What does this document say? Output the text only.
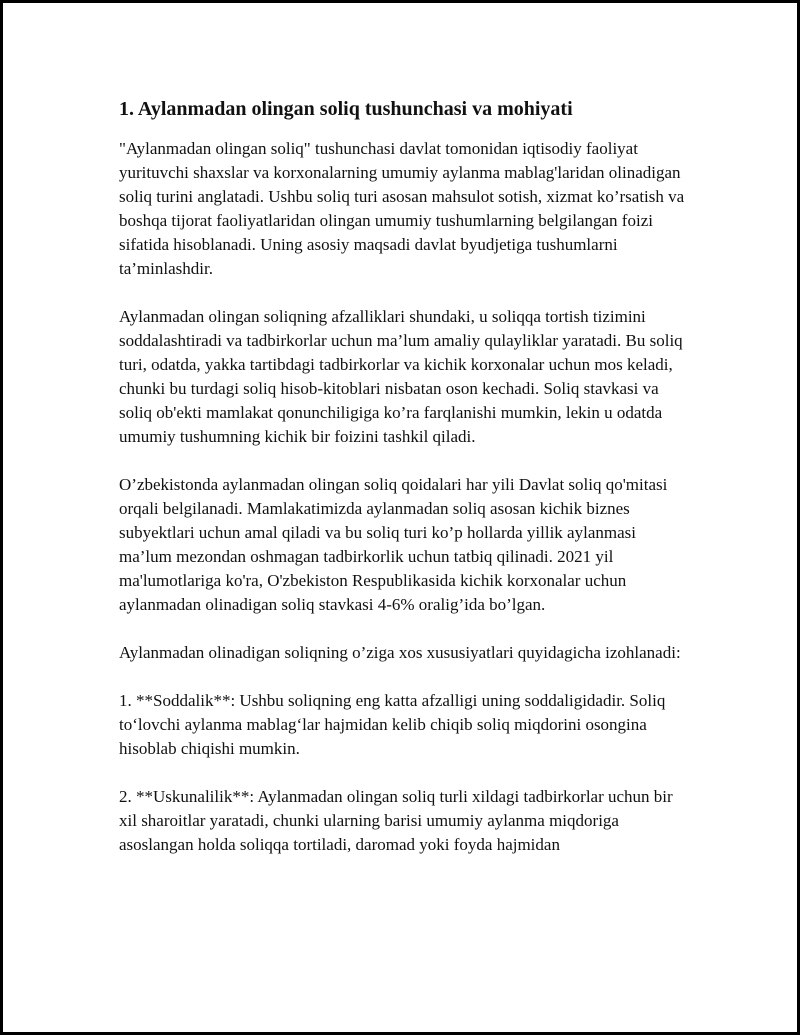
1. Aylanmadan olingan soliq tushunchasi va mohiyati

"Aylanmadan olingan soliq" tushunchasi davlat tomonidan iqtisodiy faoliyat yurituvchi shaxslar va korxonalarning umumiy aylanma mablag'laridan olinadigan soliq turini anglatadi. Ushbu soliq turi asosan mahsulot sotish, xizmat ko’rsatish va boshqa tijorat faoliyatlaridan olingan umumiy tushumlarning belgilangan foizi sifatida hisoblanadi. Uning asosiy maqsadi davlat byudjetiga tushumlarni ta’minlashdir.

Aylanmadan olingan soliqning afzalliklari shundaki, u soliqqa tortish tizimini soddalashtiradi va tadbirkorlar uchun ma’lum amaliy qulayliklar yaratadi. Bu soliq turi, odatda, yakka tartibdagi tadbirkorlar va kichik korxonalar uchun mos keladi, chunki bu turdagi soliq hisob-kitoblari nisbatan oson kechadi. Soliq stavkasi va soliq ob'ekti mamlakat qonunchiligiga ko’ra farqlanishi mumkin, lekin u odatda umumiy tushumning kichik bir foizini tashkil qiladi.

O’zbekistonda aylanmadan olingan soliq qoidalari har yili Davlat soliq qo'mitasi orqali belgilanadi. Mamlakatimizda aylanmadan soliq asosan kichik biznes subyektlari uchun amal qiladi va bu soliq turi ko’p hollarda yillik aylanmasi ma’lum mezondan oshmagan tadbirkorlik uchun tatbiq qilinadi. 2021 yil ma'lumotlariga ko'ra, O'zbekiston Respublikasida kichik korxonalar uchun aylanmadan olinadigan soliq stavkasi 4-6% oralig’ida bo’lgan.

Aylanmadan olinadigan soliqning o’ziga xos xususiyatlari quyidagicha izohlanadi:

1. **Soddalik**: Ushbu soliqning eng katta afzalligi uning soddaligidadir. Soliq to‘lovchi aylanma mablag‘lar hajmidan kelib chiqib soliq miqdorini osongina hisoblab chiqishi mumkin.

2. **Uskunalilik**: Aylanmadan olingan soliq turli xildagi tadbirkorlar uchun bir xil sharoitlar yaratadi, chunki ularning barisi umumiy aylanma miqdoriga asoslangan holda soliqqa tortiladi, daromad yoki foyda hajmidan
